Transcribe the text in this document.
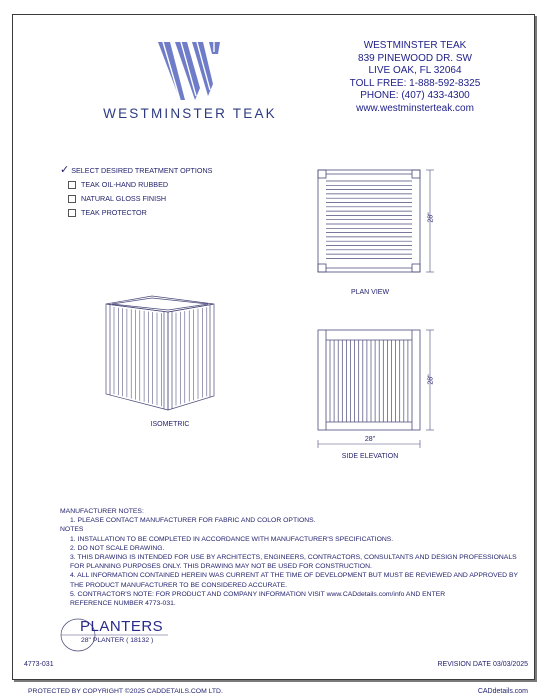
WESTMINSTER TEAK
WESTMINSTER TEAK
839 PINEWOOD DR. SW
LIVE OAK, FL 32064
TOLL FREE: 1-888-592-8325
PHONE: (407) 433-4300
www.westminsterteak.com
✓ SELECT DESIRED TREATMENT OPTIONS
TEAK OIL-HAND RUBBED
NATURAL GLOSS FINISH
TEAK PROTECTOR	28"
PLAN VIEW
ISOMETRIC
28"
28"
SIDE ELEVATION
MANUFACTURER NOTES:
1. PLEASE CONTACT MANUFACTURER FOR FABRIC AND COLOR OPTIONS.
NOTES
1. INSTALLATION TO BE COMPLETED IN ACCORDANCE WITH MANUFACTURER'S SPECIFICATIONS.
2. DO NOT SCALE DRAWING.
3. THIS DRAWING IS INTENDED FOR USE BY ARCHITECTS, ENGINEERS, CONTRACTORS, CONSULTANTS AND DESIGN PROFESSIONALS
FOR PLANNING PURPOSES ONLY. THIS DRAWING MAY NOT BE USED FOR CONSTRUCTION.
4. ALL INFORMATION CONTAINED HEREIN WAS CURRENT AT THE TIME OF DEVELOPMENT BUT MUST BE REVIEWED AND APPROVED BY
THE PRODUCT MANUFACTURER TO BE CONSIDERED ACCURATE.
5. CONTRACTOR'S NOTE: FOR PRODUCT AND COMPANY INFORMATION VISIT www.CADdetails.com/info AND ENTER
REFERENCE NUMBER 4773-031.
PLANTERS
28" PLANTER ( 18132 )
4773-031	REVISION DATE 03/03/2025
PROTECTED BY COPYRIGHT ©2025 CADDETAILS.COM LTD.	CADdetails.com
